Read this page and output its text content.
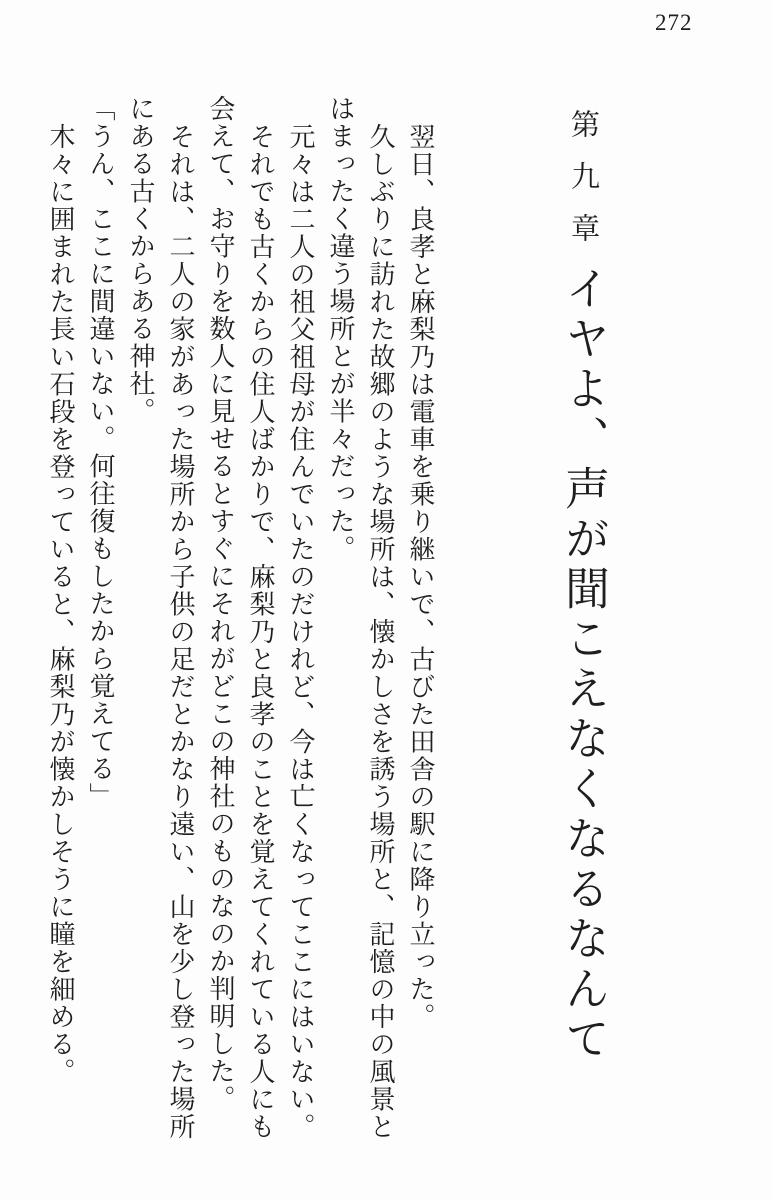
272
第九章イヤよ、声が聞こえなくなるなんて

翌日、良孝と麻梨乃は電車を乗り継いで、古びた田舎の駅に降り立った。

久しぶりに訪れた故郷のような場所は、懐かしさを誘う場所と、記憶の中の風景とはまったく違う場所とが半々だった。

元々は二人の祖父祖母が住んでいたのだけれど、今は亡くなってここにはいない。

それでも古くからの住人ばかりで、麻梨乃と良孝のことを覚えてくれている人にも会えて、お守りを数人に見せるとすぐにそれがどこの神社のものなのか判明した。

それは、二人の家があった場所から子供の足だとかなり遠い、山を少し登った場所にある古くからある神社。

「うん、ここに間違いない。何往復もしたから覚えてる」

木々に囲まれた長い石段を登っていると、麻梨乃が懐かしそうに瞳を細める。
